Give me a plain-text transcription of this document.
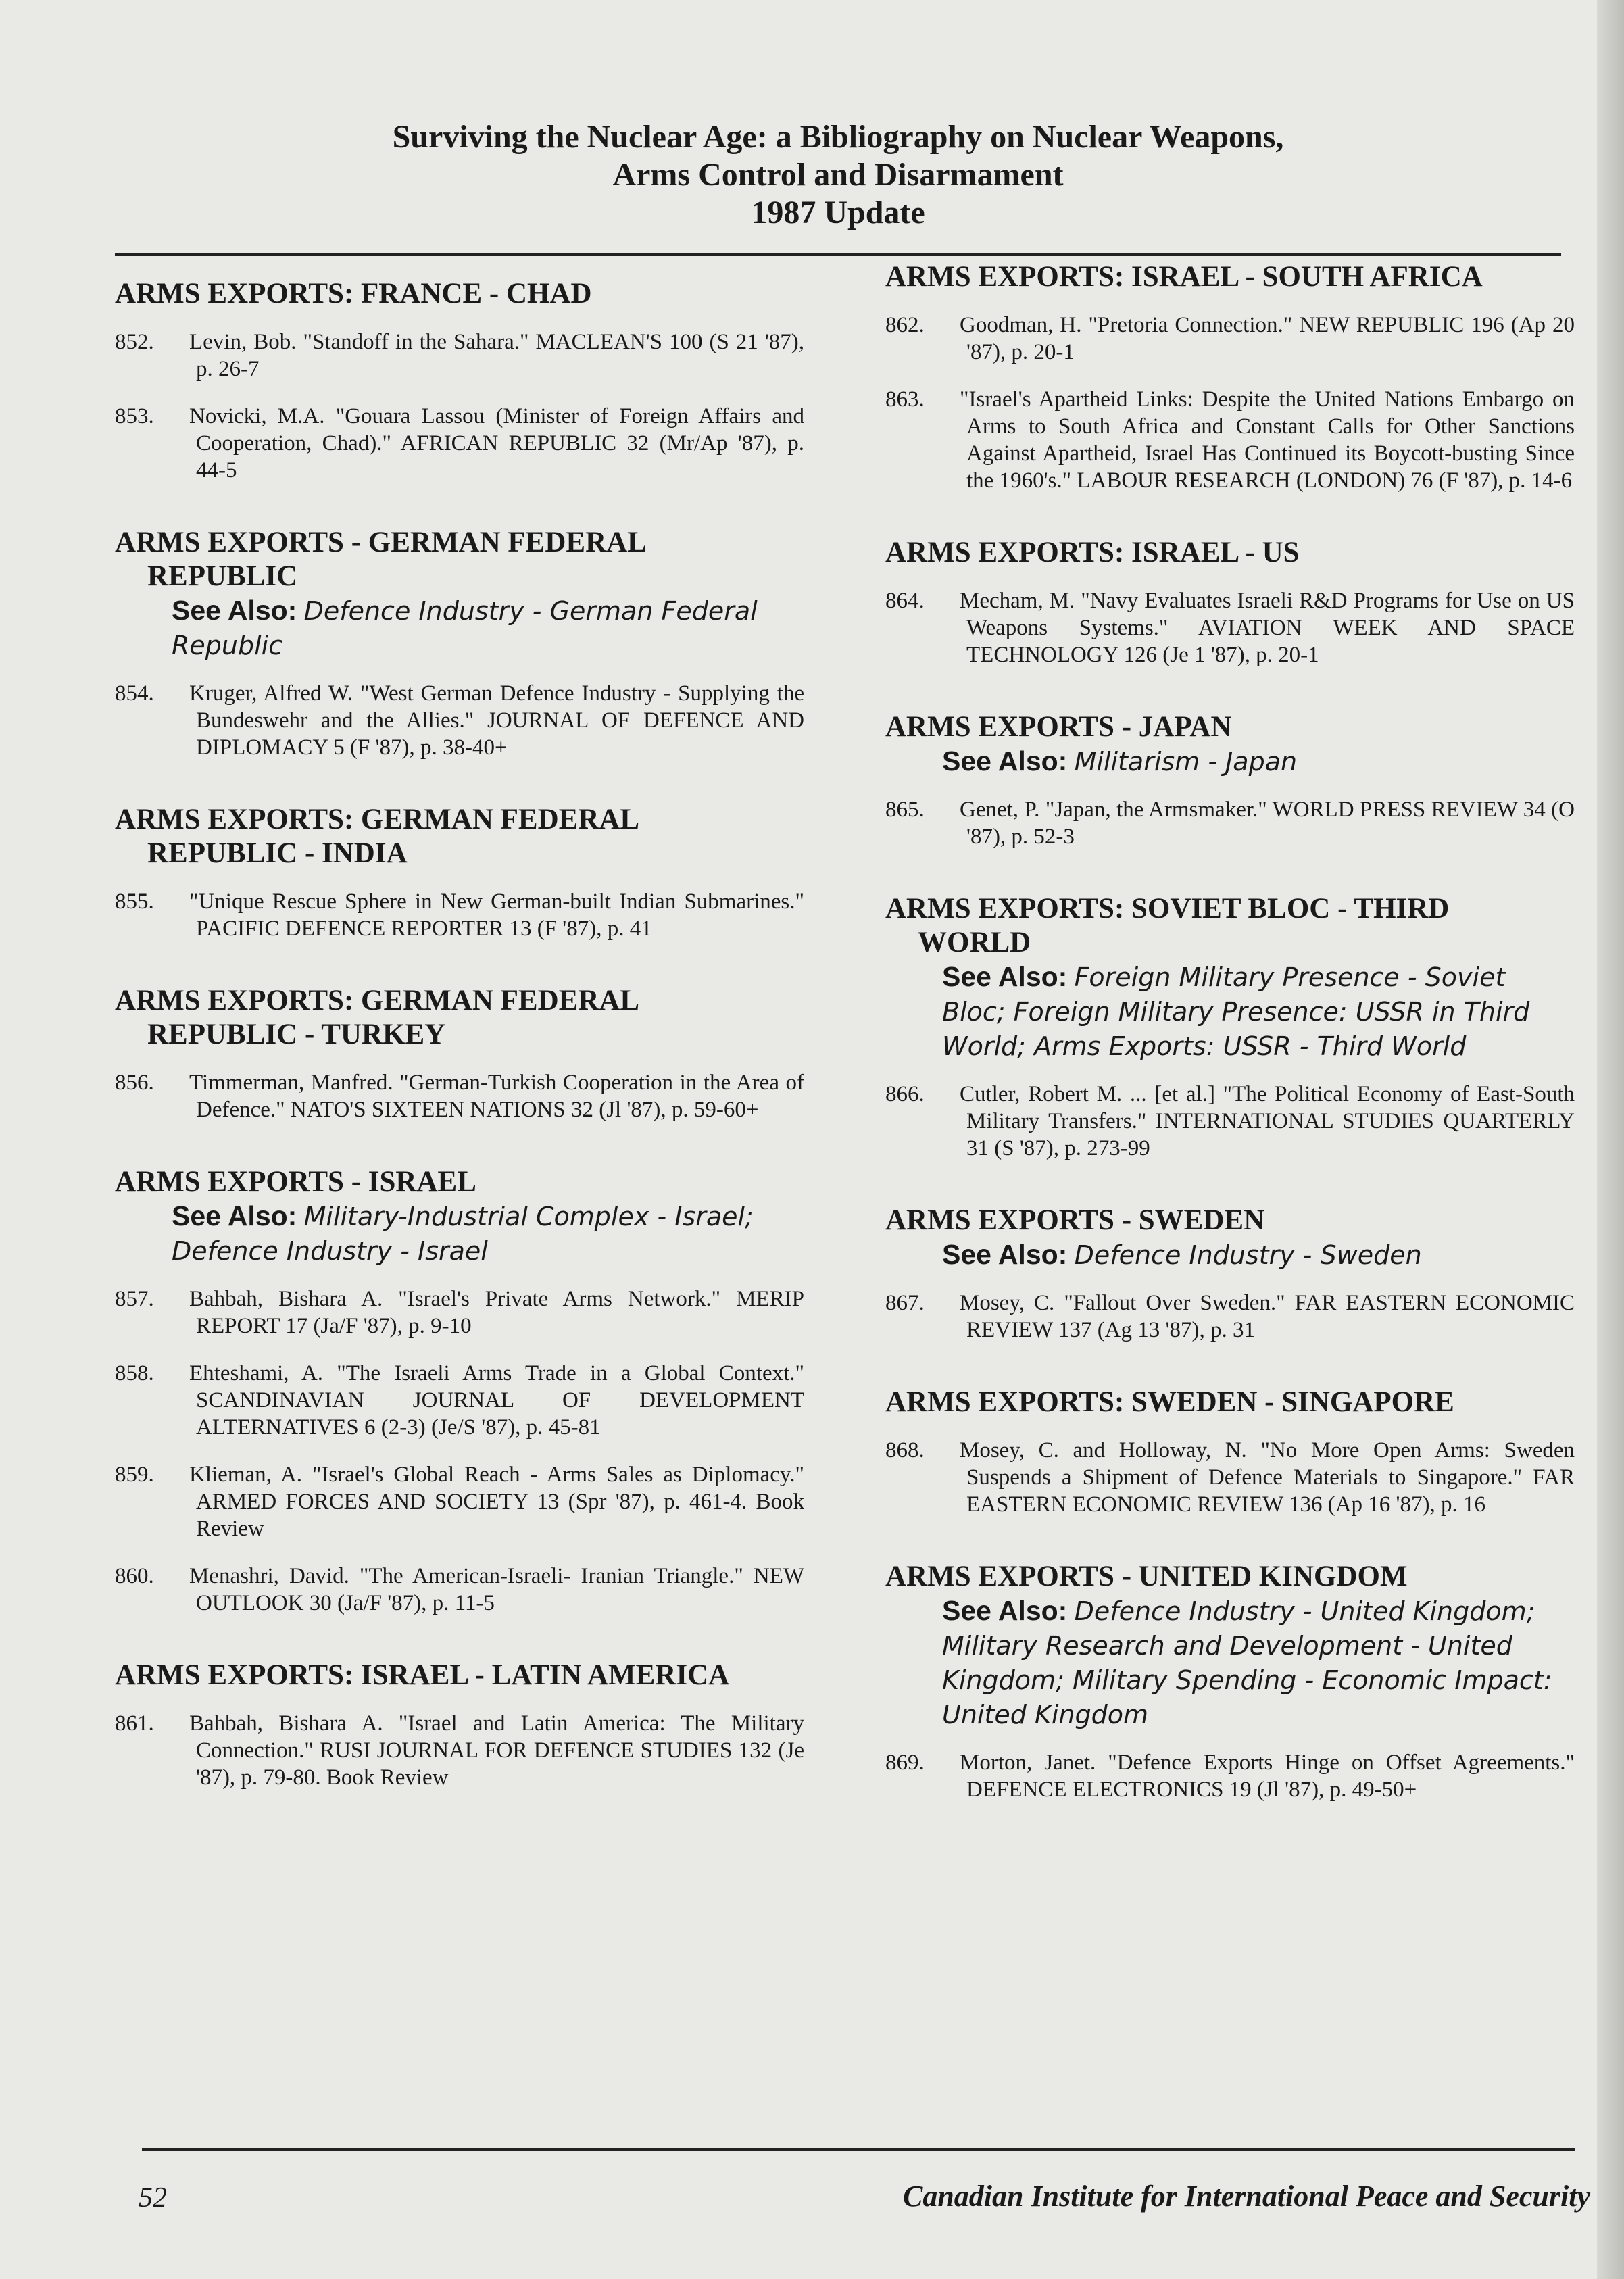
Surviving the Nuclear Age: a Bibliography on Nuclear Weapons,
Arms Control and Disarmament
1987 Update
ARMS EXPORTS: FRANCE - CHAD
852. Levin, Bob. "Standoff in the Sahara." MACLEAN'S 100 (S 21 '87), p. 26-7
853. Novicki, M.A. "Gouara Lassou (Minister of Foreign Affairs and Cooperation, Chad)." AFRICAN REPUBLIC 32 (Mr/Ap '87), p. 44-5
ARMS EXPORTS - GERMAN FEDERAL
REPUBLIC
See Also: Defence Industry - German Federal Republic
854. Kruger, Alfred W. "West German Defence Industry - Supplying the Bundeswehr and the Allies." JOURNAL OF DEFENCE AND DIPLOMACY 5 (F '87), p. 38-40+
ARMS EXPORTS: GERMAN FEDERAL
REPUBLIC - INDIA
855. "Unique Rescue Sphere in New German-built Indian Submarines." PACIFIC DEFENCE REPORTER 13 (F '87), p. 41
ARMS EXPORTS: GERMAN FEDERAL
REPUBLIC - TURKEY
856. Timmerman, Manfred. "German-Turkish Cooperation in the Area of Defence." NATO'S SIXTEEN NATIONS 32 (Jl '87), p. 59-60+
ARMS EXPORTS - ISRAEL
See Also: Military-Industrial Complex - Israel; Defence Industry - Israel
857. Bahbah, Bishara A. "Israel's Private Arms Network." MERIP REPORT 17 (Ja/F '87), p. 9-10
858. Ehteshami, A. "The Israeli Arms Trade in a Global Context." SCANDINAVIAN JOURNAL OF DEVELOPMENT ALTERNATIVES 6 (2-3) (Je/S '87), p. 45-81
859. Klieman, A. "Israel's Global Reach - Arms Sales as Diplomacy." ARMED FORCES AND SOCIETY 13 (Spr '87), p. 461-4. Book Review
860. Menashri, David. "The American-Israeli- Iranian Triangle." NEW OUTLOOK 30 (Ja/F '87), p. 11-5
ARMS EXPORTS: ISRAEL - LATIN AMERICA
861. Bahbah, Bishara A. "Israel and Latin America: The Military Connection." RUSI JOURNAL FOR DEFENCE STUDIES 132 (Je '87), p. 79-80. Book Review
ARMS EXPORTS: ISRAEL - SOUTH AFRICA
862. Goodman, H. "Pretoria Connection." NEW REPUBLIC 196 (Ap 20 '87), p. 20-1
863. "Israel's Apartheid Links: Despite the United Nations Embargo on Arms to South Africa and Constant Calls for Other Sanctions Against Apartheid, Israel Has Continued its Boycott-busting Since the 1960's." LABOUR RESEARCH (LONDON) 76 (F '87), p. 14-6
ARMS EXPORTS: ISRAEL - US
864. Mecham, M. "Navy Evaluates Israeli R&D Programs for Use on US Weapons Systems." AVIATION WEEK AND SPACE TECHNOLOGY 126 (Je 1 '87), p. 20-1
ARMS EXPORTS - JAPAN
See Also: Militarism - Japan
865. Genet, P. "Japan, the Armsmaker." WORLD PRESS REVIEW 34 (O '87), p. 52-3
ARMS EXPORTS: SOVIET BLOC - THIRD
WORLD
See Also: Foreign Military Presence - Soviet Bloc; Foreign Military Presence: USSR in Third World; Arms Exports: USSR - Third World
866. Cutler, Robert M. ... [et al.] "The Political Economy of East-South Military Transfers." INTERNATIONAL STUDIES QUARTERLY 31 (S '87), p. 273-99
ARMS EXPORTS - SWEDEN
See Also: Defence Industry - Sweden
867. Mosey, C. "Fallout Over Sweden." FAR EASTERN ECONOMIC REVIEW 137 (Ag 13 '87), p. 31
ARMS EXPORTS: SWEDEN - SINGAPORE
868. Mosey, C. and Holloway, N. "No More Open Arms: Sweden Suspends a Shipment of Defence Materials to Singapore." FAR EASTERN ECONOMIC REVIEW 136 (Ap 16 '87), p. 16
ARMS EXPORTS - UNITED KINGDOM
See Also: Defence Industry - United Kingdom; Military Research and Development - United Kingdom; Military Spending - Economic Impact: United Kingdom
869. Morton, Janet. "Defence Exports Hinge on Offset Agreements." DEFENCE ELECTRONICS 19 (Jl '87), p. 49-50+
52	Canadian Institute for International Peace and Security
